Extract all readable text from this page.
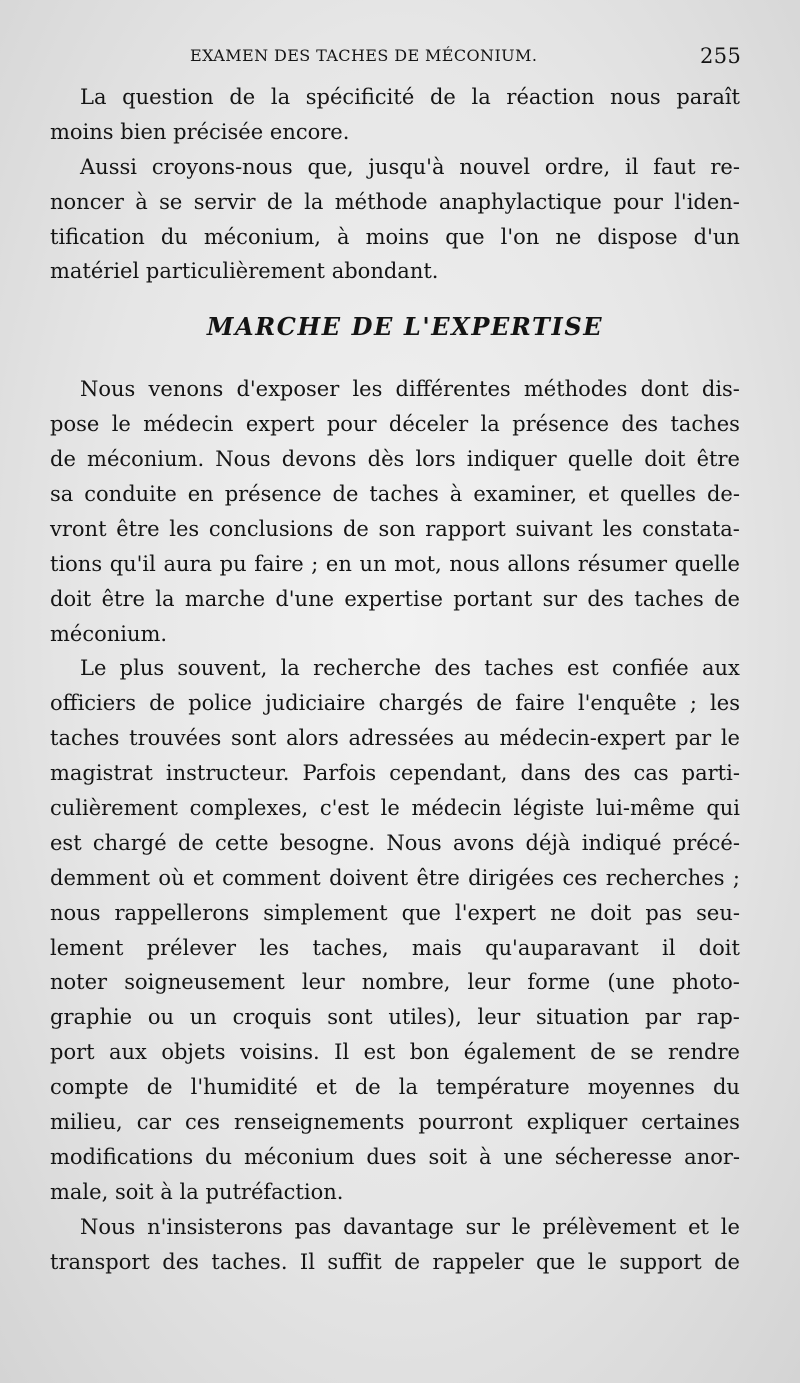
EXAMEN DES TACHES DE MÉCONIUM.	255
La question de la spécificité de la réaction nous paraît
moins bien précisée encore.
Aussi croyons-nous que, jusqu'à nouvel ordre, il faut re-
noncer à se servir de la méthode anaphylactique pour l'iden-
tification du méconium, à moins que l'on ne dispose d'un
matériel particulièrement abondant.
MARCHE DE L'EXPERTISE
Nous venons d'exposer les différentes méthodes dont dis-
pose le médecin expert pour déceler la présence des taches
de méconium. Nous devons dès lors indiquer quelle doit être
sa conduite en présence de taches à examiner, et quelles de-
vront être les conclusions de son rapport suivant les constata-
tions qu'il aura pu faire ; en un mot, nous allons résumer quelle
doit être la marche d'une expertise portant sur des taches de
méconium.
Le plus souvent, la recherche des taches est confiée aux
officiers de police judiciaire chargés de faire l'enquête ; les
taches trouvées sont alors adressées au médecin-expert par le
magistrat instructeur. Parfois cependant, dans des cas parti-
culièrement complexes, c'est le médecin légiste lui-même qui
est chargé de cette besogne. Nous avons déjà indiqué précé-
demment où et comment doivent être dirigées ces recherches ;
nous rappellerons simplement que l'expert ne doit pas seu-
lement prélever les taches, mais qu'auparavant il doit
noter soigneusement leur nombre, leur forme (une photo-
graphie ou un croquis sont utiles), leur situation par rap-
port aux objets voisins. Il est bon également de se rendre
compte de l'humidité et de la température moyennes du
milieu, car ces renseignements pourront expliquer certaines
modifications du méconium dues soit à une sécheresse anor-
male, soit à la putréfaction.
Nous n'insisterons pas davantage sur le prélèvement et le
transport des taches. Il suffit de rappeler que le support de
